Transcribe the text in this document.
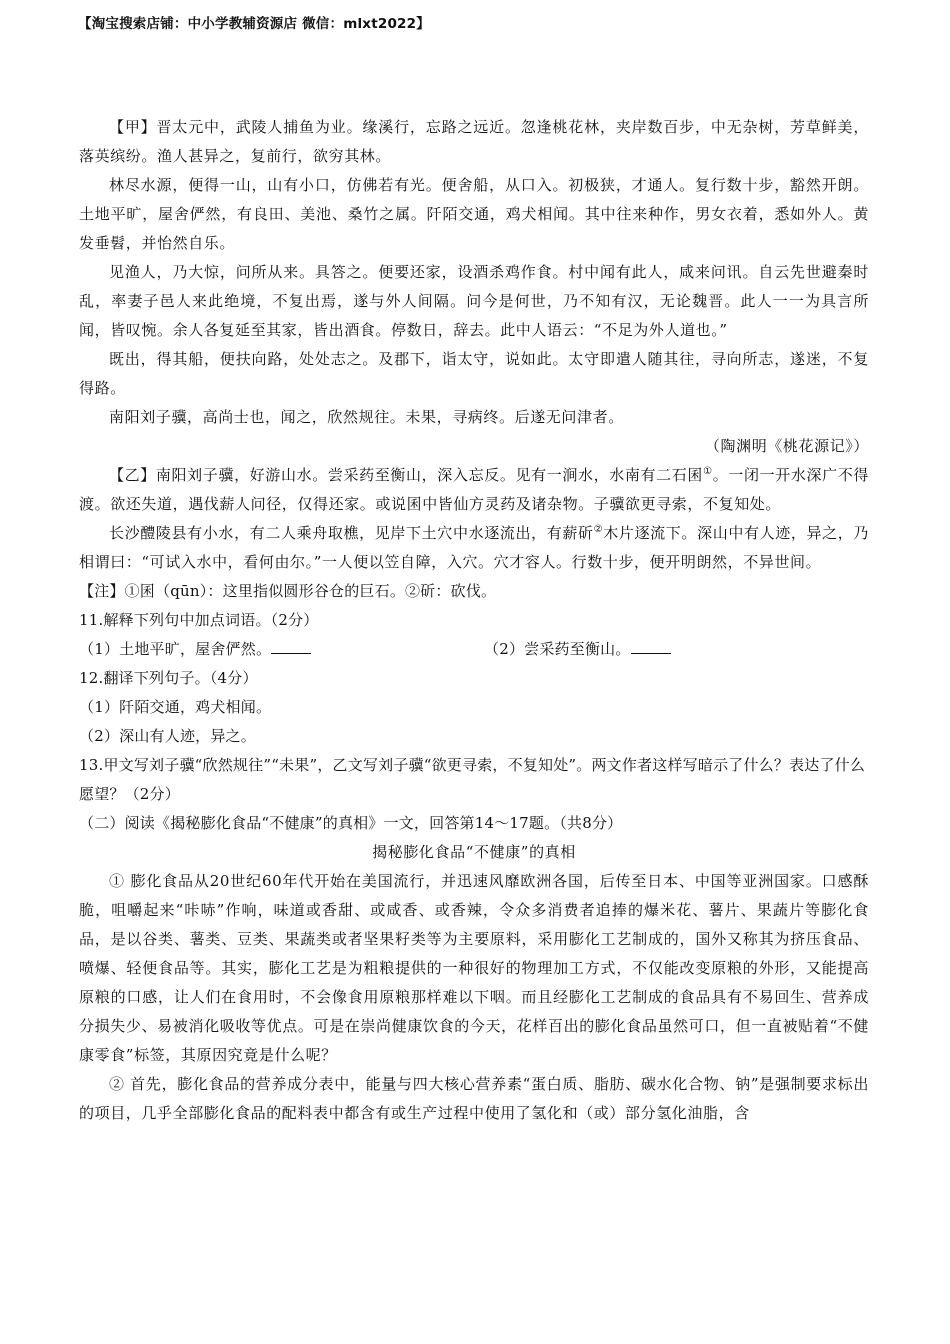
【淘宝搜索店铺：中小学教辅资源店 微信：mlxt2022】

【甲】晋太元中，武陵人捕鱼为业。缘溪行，忘路之远近。忽逢桃花林，夹岸数百步，中无杂树，芳草鲜美，落英缤纷。渔人甚异之，复前行，欲穷其林。

林尽水源，便得一山，山有小口，仿佛若有光。便舍船，从口入。初极狭，才通人。复行数十步，豁然开朗。土地平旷，屋舍俨然，有良田、美池、桑竹之属。阡陌交通，鸡犬相闻。其中往来种作，男女衣着，悉如外人。黄发垂髫，并怡然自乐。

见渔人，乃大惊，问所从来。具答之。便要还家，设酒杀鸡作食。村中闻有此人，咸来问讯。自云先世避秦时乱，率妻子邑人来此绝境，不复出焉，遂与外人间隔。问今是何世，乃不知有汉，无论魏晋。此人一一为具言所闻，皆叹惋。余人各复延至其家，皆出酒食。停数日，辞去。此中人语云：“不足为外人道也。”

既出，得其船，便扶向路，处处志之。及郡下，诣太守，说如此。太守即遣人随其往，寻向所志，遂迷，不复得路。

南阳刘子骥，高尚士也，闻之，欣然规往。未果，寻病终。后遂无问津者。

（陶渊明《桃花源记》）

【乙】南阳刘子骥，好游山水。尝采药至衡山，深入忘反。见有一涧水，水南有二石囷①。一闭一开水深广不得渡。欲还失道，遇伐薪人问径，仅得还家。或说囷中皆仙方灵药及诸杂物。子骥欲更寻索，不复知处。

长沙醴陵县有小水，有二人乘舟取樵，见岸下土穴中水逐流出，有薪斫②木片逐流下。深山中有人迹，异之，乃相谓曰：“可试入水中，看何由尔。”一人便以笠自障，入穴。穴才容人。行数十步，便开明朗然，不异世间。

【注】①囷（qūn）：这里指似圆形谷仓的巨石。②斫：砍伐。

11.解释下列句中加点词语。（2分）

（1）土地平旷，屋舍俨然。	（2）尝采药至衡山。

12.翻译下列句子。（4分）

（1）阡陌交通，鸡犬相闻。

（2）深山有人迹，异之。

13.甲文写刘子骥“欣然规往”“未果”，乙文写刘子骥“欲更寻索，不复知处”。两文作者这样写暗示了什么？表达了什么愿望？（2分）

（二）阅读《揭秘膨化食品“不健康”的真相》一文，回答第14～17题。（共8分）

揭秘膨化食品“不健康”的真相

① 膨化食品从20世纪60年代开始在美国流行，并迅速风靡欧洲各国，后传至日本、中国等亚洲国家。口感酥脆，咀嚼起来“咔哧”作响，味道或香甜、或咸香、或香辣，令众多消费者追捧的爆米花、薯片、果蔬片等膨化食品，是以谷类、薯类、豆类、果蔬类或者坚果籽类等为主要原料，采用膨化工艺制成的，国外又称其为挤压食品、喷爆、轻便食品等。其实，膨化工艺是为粗粮提供的一种很好的物理加工方式，不仅能改变原粮的外形，又能提高原粮的口感，让人们在食用时，不会像食用原粮那样难以下咽。而且经膨化工艺制成的食品具有不易回生、营养成分损失少、易被消化吸收等优点。可是在崇尚健康饮食的今天，花样百出的膨化食品虽然可口，但一直被贴着“不健康零食”标签，其原因究竟是什么呢？

② 首先，膨化食品的营养成分表中，能量与四大核心营养素“蛋白质、脂肪、碳水化合物、钠”是强制要求标出的项目，几乎全部膨化食品的配料表中都含有或生产过程中使用了氢化和（或）部分氢化油脂，含
